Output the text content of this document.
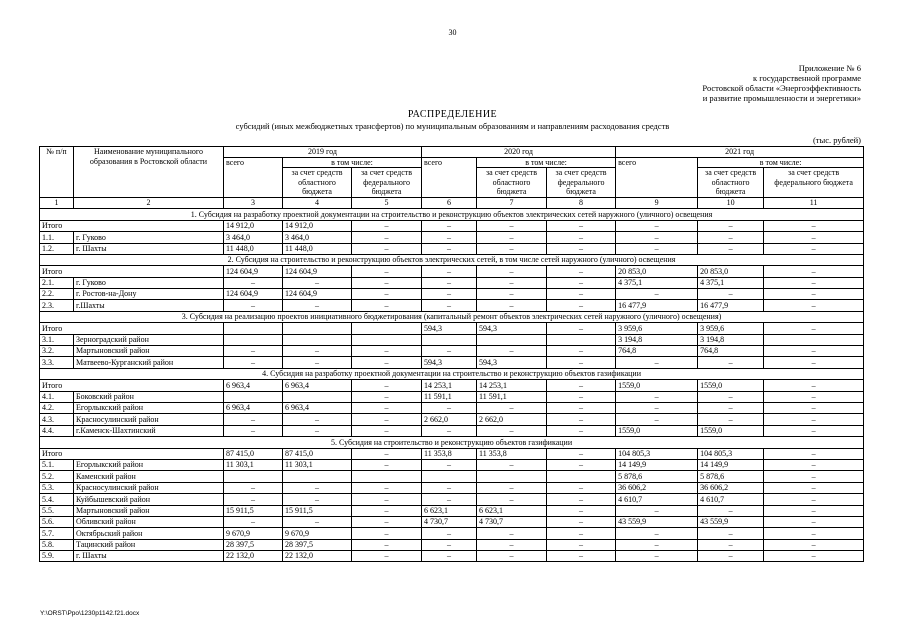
30
Приложение № 6
к государственной программе
Ростовской области «Энергоэффективность
и развитие промышленности и энергетики»
РАСПРЕДЕЛЕНИЕ
субсидий (иных межбюджетных трансфертов) по муниципальным образованиям и направлениям расходования средств
(тыс. рублей)
№ п/п	Наименование муниципального образования в Ростовской области	2019 год			2020 год			2021 год		
		всего	в том числе:		всего	в том числе:		всего	в том числе:	
			за счет средств областного бюджета	за счет средств федерального бюджета		за счет средств областного бюджета	за счет средств федерального бюджета		за счет средств областного бюджета	за счет средств федерального бюджета
1	2	3	4	5	6	7	8	9	10	11
1. Субсидия на разработку проектной документации на строительство и реконструкцию объектов электрических сетей наружного (уличного) освещения										
Итого		14 912,0	14 912,0	–	–	–	–	–	–	–
1.1.	г. Гуково	3 464,0	3 464,0	–	–	–	–	–	–	–
1.2.	г. Шахты	11 448,0	11 448,0	–	–	–	–	–	–	–
2. Субсидия на строительство и реконструкцию объектов электрических сетей, в том числе сетей наружного (уличного) освещения										
Итого		124 604,9	124 604,9	–	–	–	–	20 853,0	20 853,0	–
2.1.	г. Гуково	–	–	–	–	–	–	4 375,1	4 375,1	–
2.2.	г. Ростов-на-Дону	124 604,9	124 604,9	–	–	–	–	–	–	–
2.3.	г.Шахты	–	–	–	–	–	–	16 477,9	16 477,9	–
3. Субсидия на реализацию проектов инициативного бюджетирования (капитальный ремонт объектов электрических сетей наружного (уличного) освещения)										
Итого					594,3	594,3	–	3 959,6	3 959,6	–
3.1.	Зерноградский район							3 194,8	3 194,8	
3.2.	Мартыновский район	–	–	–	–	–	–	764,8	764,8	–
3.3.	Матвеево-Курганский район	–	–	–	594,3	594,3	–	–	–	–
4. Субсидия на разработку проектной документации на строительство и реконструкцию объектов газификации										
Итого		6 963,4	6 963,4	–	14 253,1	14 253,1	–	1559,0	1559,0	–
4.1.	Боковский район			–	11 591,1	11 591,1	–	–	–	–
4.2.	Егорлыкский район	6 963,4	6 963,4	–	–	–	–	–	–	–
4.3.	Красносулинский район	–	–	–	2 662,0	2 662,0	–	–	–	–
4.4.	г.Каменск-Шахтинский	–	–	–	–	–	–	1559,0	1559,0	–
5. Субсидия на строительство и реконструкцию объектов газификации										
Итого		87 415,0	87 415,0	–	11 353,8	11 353,8	–	104 805,3	104 805,3	–
5.1.	Егорлыкский район	11 303,1	11 303,1	–	–	–	–	14 149,9	14 149,9	–
5.2.	Каменский район							5 878,6	5 878,6	–
5.3.	Красносулинский район	–	–	–	–	–	–	36 606,2	36 606,2	–
5.4.	Куйбышевский район	–	–	–	–	–	–	4 610,7	4 610,7	–
5.5.	Мартыновский район	15 911,5	15 911,5	–	6 623,1	6 623,1	–	–	–	–
5.6.	Обливский район	–	–	–	4 730,7	4 730,7	–	43 559,9	43 559,9	–
5.7.	Октябрьский район	9 670,9	9 670,9	–	–	–	–	–	–	–
5.8.	Тацинский район	28 397,5	28 397,5	–	–	–	–	–	–	–
5.9.	г. Шахты	22 132,0	22 132,0	–	–	–	–	–	–	–
Y:\ORST\Ppo\1230p1142.f21.docx
